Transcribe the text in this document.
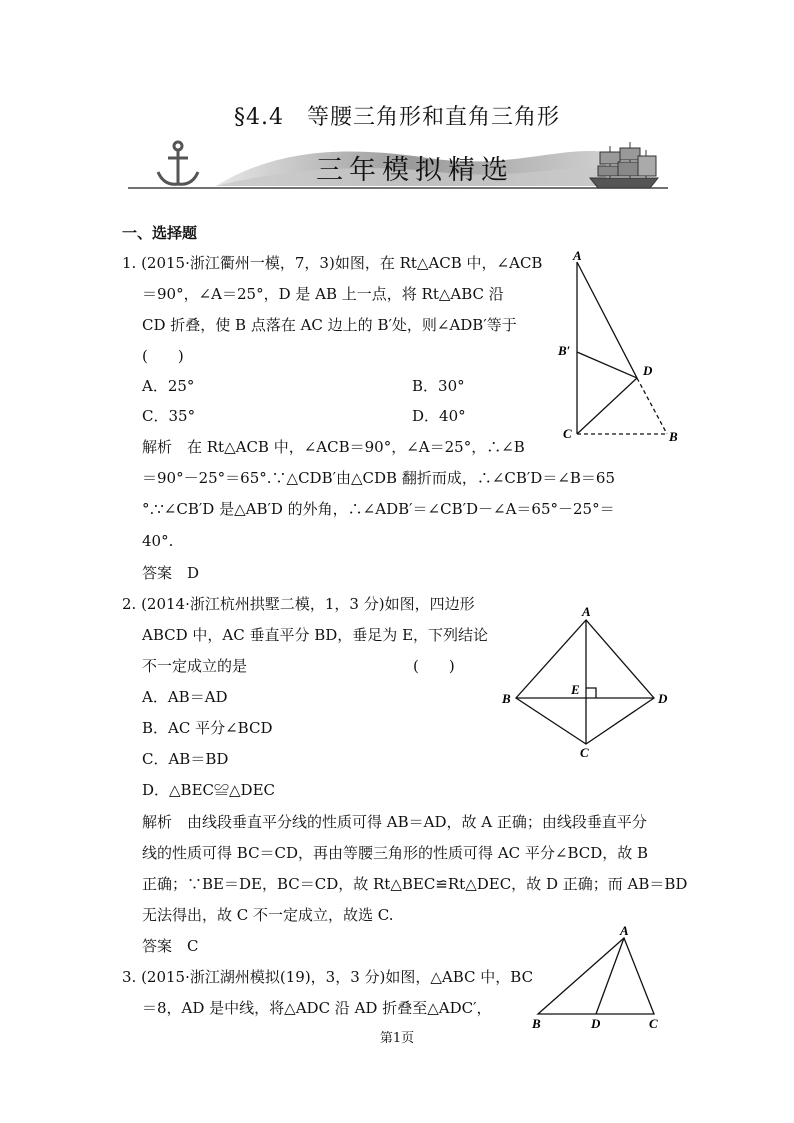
§4.4　等腰三角形和直角三角形
三年模拟精选
一、选择题
1. (2015·浙江衢州一模，7，3)如图，在 Rt△ACB 中，∠ACB
＝90°，∠A＝25°，D 是 AB 上一点，将 Rt△ABC 沿
CD 折叠，使 B 点落在 AC 边上的 B′处，则∠ADB′等于
(　　)
A．25°	B．30°
C．35°	D．40°
解析　在 Rt△ACB 中，∠ACB＝90°，∠A＝25°，∴∠B
＝90°－25°＝65°.∵△CDB′由△CDB 翻折而成，∴∠CB′D＝∠B＝65
°.∵∠CB′D 是△AB′D 的外角，∴∠ADB′＝∠CB′D－∠A＝65°－25°＝
40°.
答案　D
A
B′
D
C	B
2. (2014·浙江杭州拱墅二模，1，3 分)如图，四边形
ABCD 中，AC 垂直平分 BD，垂足为 E，下列结论
不一定成立的是	(　　)
A．AB＝AD
B．AC 平分∠BCD
C．AB＝BD
D．△BEC≌△DEC
解析　由线段垂直平分线的性质可得 AB＝AD，故 A 正确；由线段垂直平分
线的性质可得 BC＝CD，再由等腰三角形的性质可得 AC 平分∠BCD，故 B
正确；∵BE＝DE，BC＝CD，故 Rt△BEC≌Rt△DEC，故 D 正确；而 AB＝BD
无法得出，故 C 不一定成立，故选 C.
答案　C
A
B
E
D
C
3. (2015·浙江湖州模拟(19)，3，3 分)如图，△ABC 中，BC
＝8，AD 是中线，将△ADC 沿 AD 折叠至△ADC′，
A
B	D	C
第1页
